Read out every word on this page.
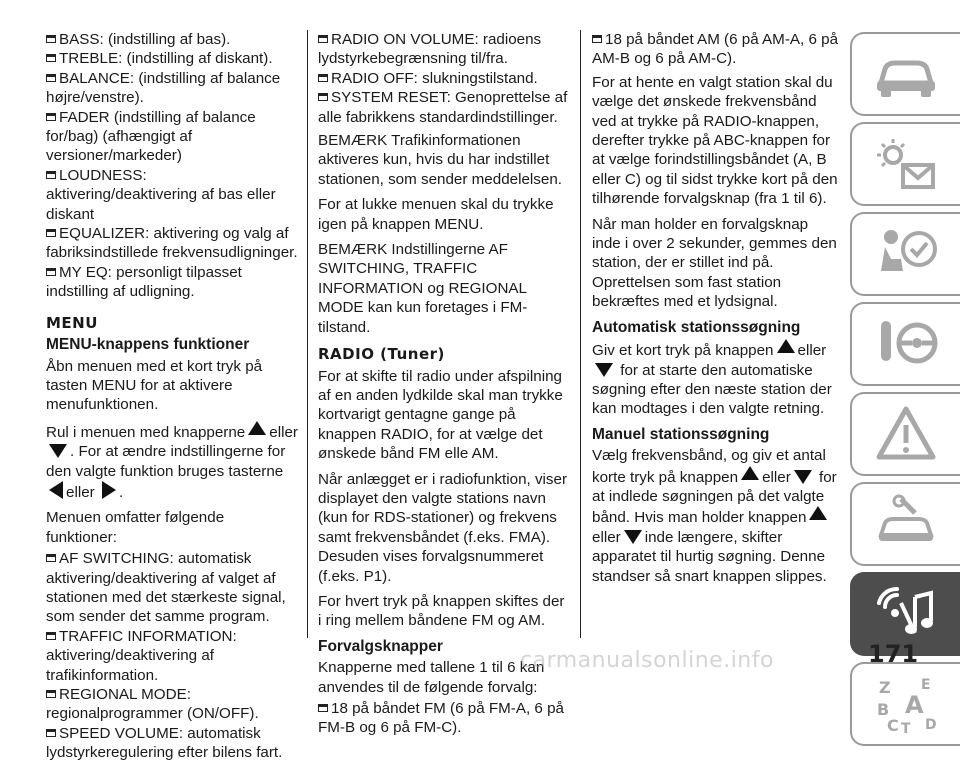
BASS: (indstilling af bas).

TREBLE: (indstilling af diskant).

BALANCE: (indstilling af balance højre/venstre).

FADER (indstilling af balance for/bag) (afhængigt af versioner/markeder)

LOUDNESS: aktivering/deaktivering af bas eller diskant

EQUALIZER: aktivering og valg af fabriksindstillede frekvensudligninger.

MY EQ: personligt tilpasset indstilling af udligning.

MENU
MENU-knappens funktioner

Åbn menuen med et kort tryk på tasten MENU for at aktivere menufunktionen.

Rul i menuen med knapperne eller . For at ændre indstillingerne for den valgte funktion bruges tasterne eller .

Menuen omfatter følgende funktioner:

AF SWITCHING: automatisk aktivering/deaktivering af valget af stationen med det stærkeste signal, som sender det samme program.

TRAFFIC INFORMATION: aktivering/deaktivering af trafikinformation.

REGIONAL MODE: regionalprogrammer (ON/OFF).

SPEED VOLUME: automatisk lydstyrkeregulering efter bilens fart.

RADIO ON VOLUME: radioens lydstyrkebegrænsning til/fra.

RADIO OFF: slukningstilstand.

SYSTEM RESET: Genoprettelse af alle fabrikkens standardindstillinger.

BEMÆRK Trafikinformationen aktiveres kun, hvis du har indstillet stationen, som sender meddelelsen.

For at lukke menuen skal du trykke igen på knappen MENU.

BEMÆRK Indstillingerne AF SWITCHING, TRAFFIC INFORMATION og REGIONAL MODE kan kun foretages i FM-tilstand.

RADIO (Tuner)

For at skifte til radio under afspilning af en anden lydkilde skal man trykke kortvarigt gentagne gange på knappen RADIO, for at vælge det ønskede bånd FM elle AM.

Når anlægget er i radiofunktion, viser displayet den valgte stations navn (kun for RDS-stationer) og frekvens samt frekvensbåndet (f.eks. FMA). Desuden vises forvalgsnummeret (f.eks. P1).

For hvert tryk på knappen skiftes der i ring mellem båndene FM og AM.

Forvalgsknapper

Knapperne med tallene 1 til 6 kan anvendes til de følgende forvalg:

18 på båndet FM (6 på FM-A, 6 på FM-B og 6 på FM-C).

18 på båndet AM (6 på AM-A, 6 på AM-B og 6 på AM-C).

For at hente en valgt station skal du vælge det ønskede frekvensbånd ved at trykke på RADIO-knappen, derefter trykke på ABC-knappen for at vælge forindstillingsbåndet (A, B eller C) og til sidst trykke kort på den tilhørende forvalgsknap (fra 1 til 6).

Når man holder en forvalgsknap inde i over 2 sekunder, gemmes den station, der er stillet ind på. Oprettelsen som fast station bekræftes med et lydsignal.

Automatisk stationssøgning

Giv et kort tryk på knappen eller  for at starte den automatiske søgning efter den næste station der kan modtages i den valgte retning.

Manuel stationssøgning

Vælg frekvensbånd, og giv et antal korte tryk på knappen eller for at indlede søgningen på det valgte bånd. Hvis man holder knappen eller inde længere, skifter apparatet til hurtig søgning. Denne standser så snart knappen slippes.

Z E
B A
C T D
carmanualsonline.info	171
